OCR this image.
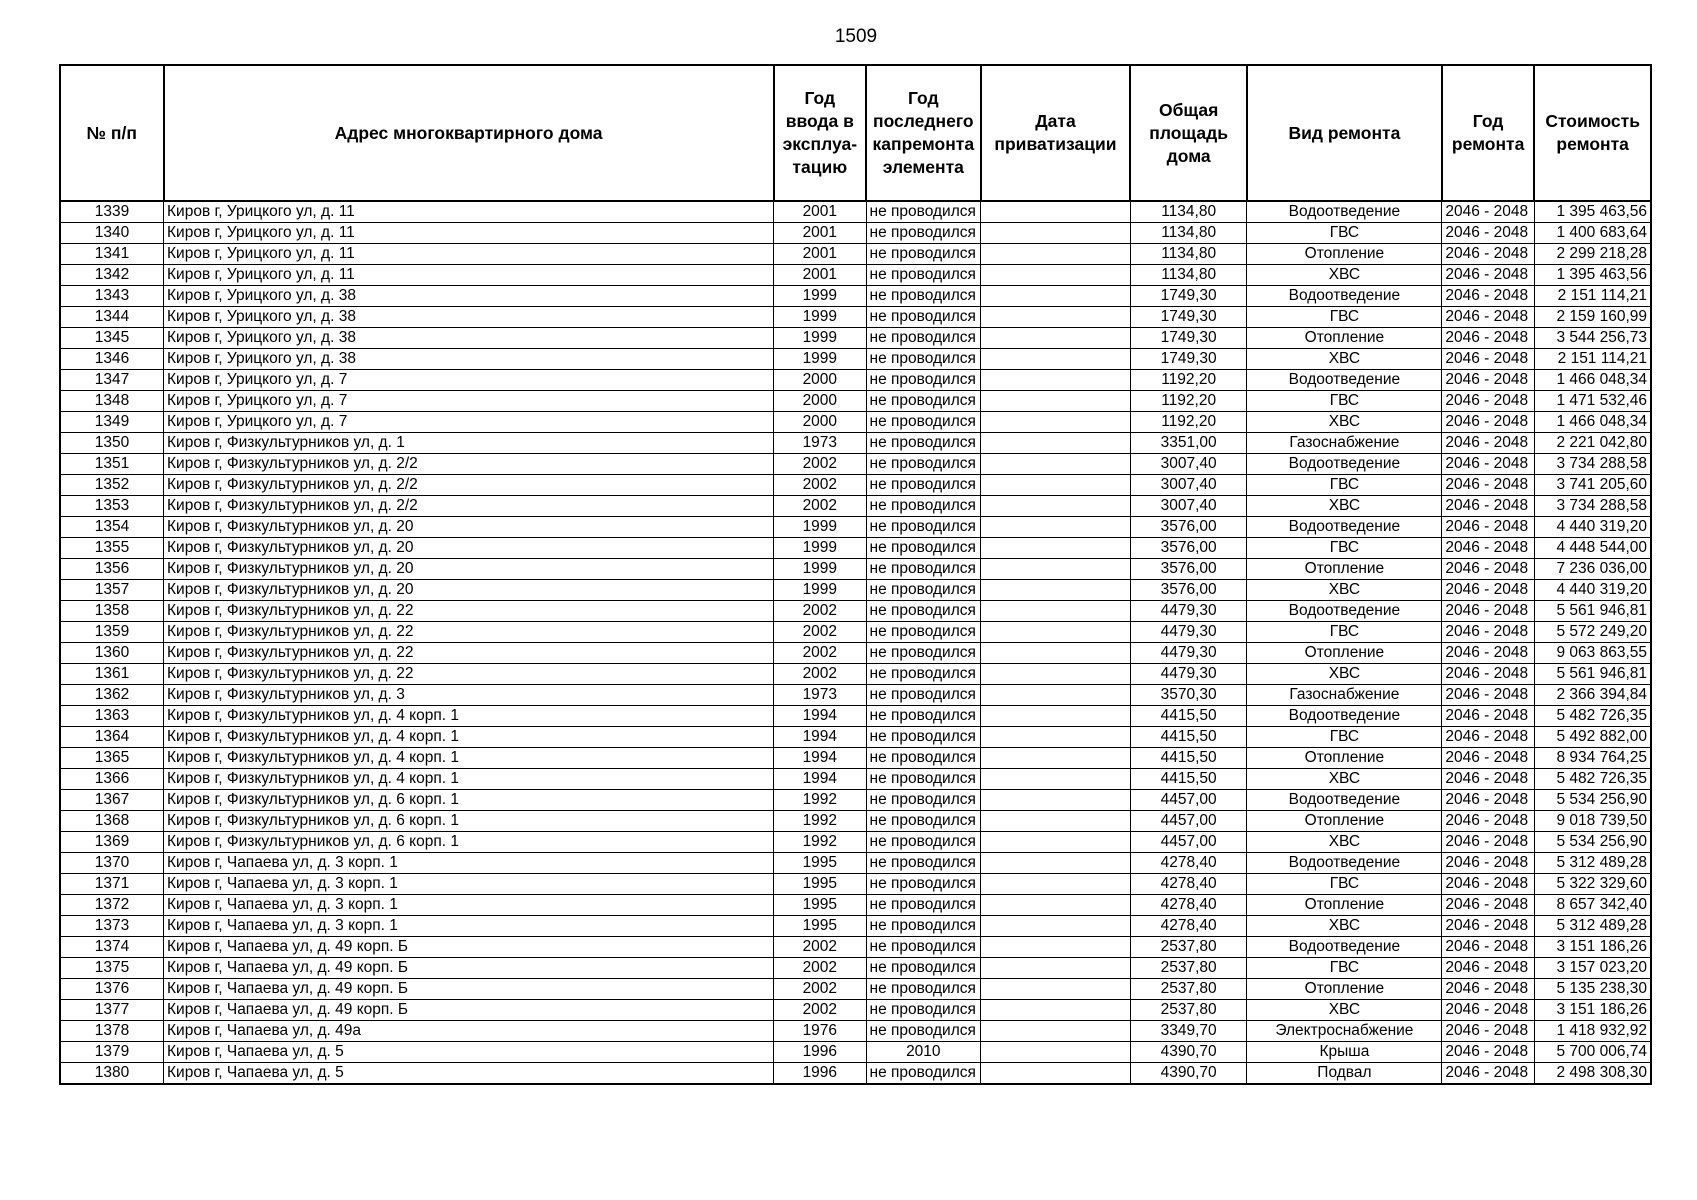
1509
№ п/п	Адрес многоквартирного дома	Год ввода в эксплуа-тацию	Год последнего капремонта элемента	Дата приватизации	Общая площадь дома	Вид ремонта	Год ремонта	Стоимость ремонта
1339	Киров г, Урицкого ул, д. 11	2001	не проводился		1134,80	Водоотведение	2046 - 2048	1 395 463,56
1340	Киров г, Урицкого ул, д. 11	2001	не проводился		1134,80	ГВС	2046 - 2048	1 400 683,64
1341	Киров г, Урицкого ул, д. 11	2001	не проводился		1134,80	Отопление	2046 - 2048	2 299 218,28
1342	Киров г, Урицкого ул, д. 11	2001	не проводился		1134,80	ХВС	2046 - 2048	1 395 463,56
1343	Киров г, Урицкого ул, д. 38	1999	не проводился		1749,30	Водоотведение	2046 - 2048	2 151 114,21
1344	Киров г, Урицкого ул, д. 38	1999	не проводился		1749,30	ГВС	2046 - 2048	2 159 160,99
1345	Киров г, Урицкого ул, д. 38	1999	не проводился		1749,30	Отопление	2046 - 2048	3 544 256,73
1346	Киров г, Урицкого ул, д. 38	1999	не проводился		1749,30	ХВС	2046 - 2048	2 151 114,21
1347	Киров г, Урицкого ул, д. 7	2000	не проводился		1192,20	Водоотведение	2046 - 2048	1 466 048,34
1348	Киров г, Урицкого ул, д. 7	2000	не проводился		1192,20	ГВС	2046 - 2048	1 471 532,46
1349	Киров г, Урицкого ул, д. 7	2000	не проводился		1192,20	ХВС	2046 - 2048	1 466 048,34
1350	Киров г, Физкультурников ул, д. 1	1973	не проводился		3351,00	Газоснабжение	2046 - 2048	2 221 042,80
1351	Киров г, Физкультурников ул, д. 2/2	2002	не проводился		3007,40	Водоотведение	2046 - 2048	3 734 288,58
1352	Киров г, Физкультурников ул, д. 2/2	2002	не проводился		3007,40	ГВС	2046 - 2048	3 741 205,60
1353	Киров г, Физкультурников ул, д. 2/2	2002	не проводился		3007,40	ХВС	2046 - 2048	3 734 288,58
1354	Киров г, Физкультурников ул, д. 20	1999	не проводился		3576,00	Водоотведение	2046 - 2048	4 440 319,20
1355	Киров г, Физкультурников ул, д. 20	1999	не проводился		3576,00	ГВС	2046 - 2048	4 448 544,00
1356	Киров г, Физкультурников ул, д. 20	1999	не проводился		3576,00	Отопление	2046 - 2048	7 236 036,00
1357	Киров г, Физкультурников ул, д. 20	1999	не проводился		3576,00	ХВС	2046 - 2048	4 440 319,20
1358	Киров г, Физкультурников ул, д. 22	2002	не проводился		4479,30	Водоотведение	2046 - 2048	5 561 946,81
1359	Киров г, Физкультурников ул, д. 22	2002	не проводился		4479,30	ГВС	2046 - 2048	5 572 249,20
1360	Киров г, Физкультурников ул, д. 22	2002	не проводился		4479,30	Отопление	2046 - 2048	9 063 863,55
1361	Киров г, Физкультурников ул, д. 22	2002	не проводился		4479,30	ХВС	2046 - 2048	5 561 946,81
1362	Киров г, Физкультурников ул, д. 3	1973	не проводился		3570,30	Газоснабжение	2046 - 2048	2 366 394,84
1363	Киров г, Физкультурников ул, д. 4 корп. 1	1994	не проводился		4415,50	Водоотведение	2046 - 2048	5 482 726,35
1364	Киров г, Физкультурников ул, д. 4 корп. 1	1994	не проводился		4415,50	ГВС	2046 - 2048	5 492 882,00
1365	Киров г, Физкультурников ул, д. 4 корп. 1	1994	не проводился		4415,50	Отопление	2046 - 2048	8 934 764,25
1366	Киров г, Физкультурников ул, д. 4 корп. 1	1994	не проводился		4415,50	ХВС	2046 - 2048	5 482 726,35
1367	Киров г, Физкультурников ул, д. 6 корп. 1	1992	не проводился		4457,00	Водоотведение	2046 - 2048	5 534 256,90
1368	Киров г, Физкультурников ул, д. 6 корп. 1	1992	не проводился		4457,00	Отопление	2046 - 2048	9 018 739,50
1369	Киров г, Физкультурников ул, д. 6 корп. 1	1992	не проводился		4457,00	ХВС	2046 - 2048	5 534 256,90
1370	Киров г, Чапаева ул, д. 3 корп. 1	1995	не проводился		4278,40	Водоотведение	2046 - 2048	5 312 489,28
1371	Киров г, Чапаева ул, д. 3 корп. 1	1995	не проводился		4278,40	ГВС	2046 - 2048	5 322 329,60
1372	Киров г, Чапаева ул, д. 3 корп. 1	1995	не проводился		4278,40	Отопление	2046 - 2048	8 657 342,40
1373	Киров г, Чапаева ул, д. 3 корп. 1	1995	не проводился		4278,40	ХВС	2046 - 2048	5 312 489,28
1374	Киров г, Чапаева ул, д. 49 корп. Б	2002	не проводился		2537,80	Водоотведение	2046 - 2048	3 151 186,26
1375	Киров г, Чапаева ул, д. 49 корп. Б	2002	не проводился		2537,80	ГВС	2046 - 2048	3 157 023,20
1376	Киров г, Чапаева ул, д. 49 корп. Б	2002	не проводился		2537,80	Отопление	2046 - 2048	5 135 238,30
1377	Киров г, Чапаева ул, д. 49 корп. Б	2002	не проводился		2537,80	ХВС	2046 - 2048	3 151 186,26
1378	Киров г, Чапаева ул, д. 49а	1976	не проводился		3349,70	Электроснабжение	2046 - 2048	1 418 932,92
1379	Киров г, Чапаева ул, д. 5	1996	2010		4390,70	Крыша	2046 - 2048	5 700 006,74
1380	Киров г, Чапаева ул, д. 5	1996	не проводился		4390,70	Подвал	2046 - 2048	2 498 308,30
